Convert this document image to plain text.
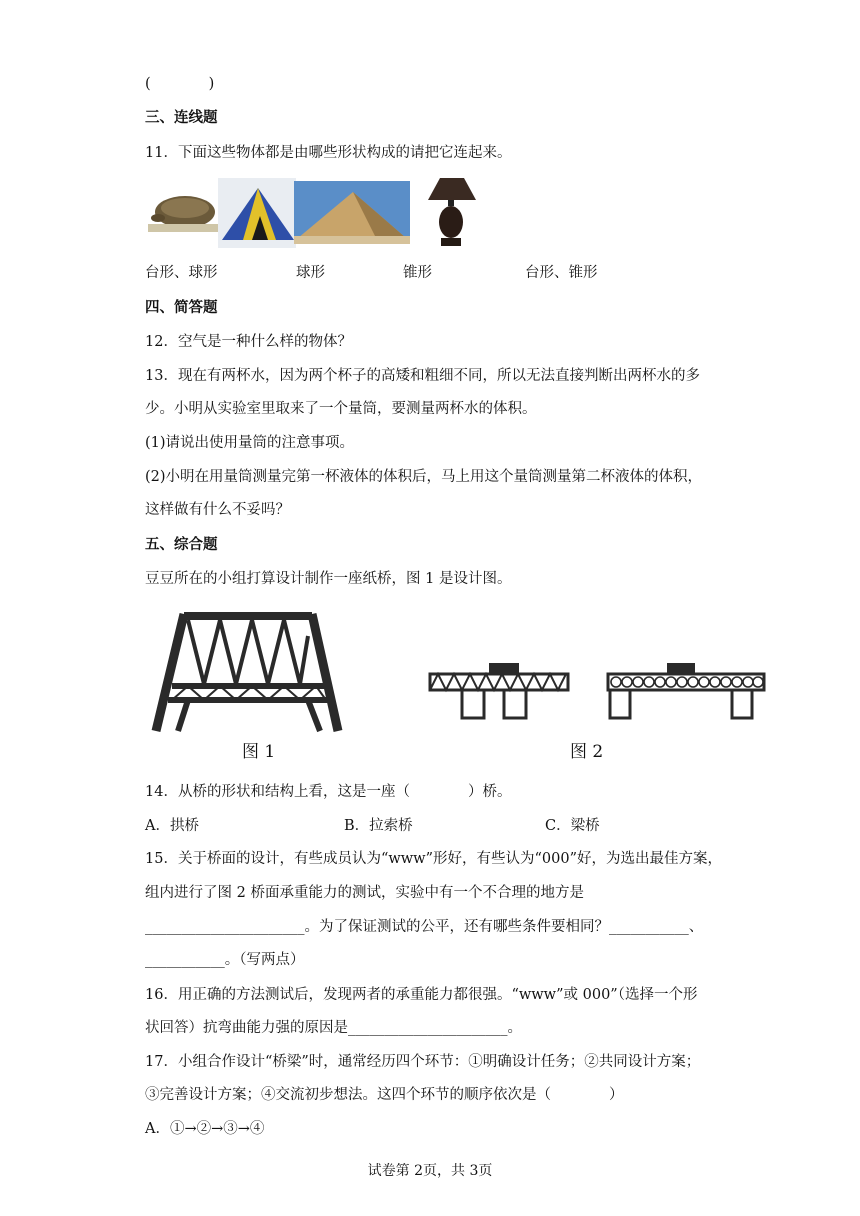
(　　　　)
三、连线题
11．下面这些物体都是由哪些形状构成的请把它连起来。
台形、球形	球形	锥形	台形、锥形
四、简答题
12．空气是一种什么样的物体？
13．现在有两杯水，因为两个杯子的高矮和粗细不同，所以无法直接判断出两杯水的多
少。小明从实验室里取来了一个量筒，要测量两杯水的体积。
(1)请说出使用量筒的注意事项。
(2)小明在用量筒测量完第一杯液体的体积后，马上用这个量筒测量第二杯液体的体积，
这样做有什么不妥吗？
五、综合题
豆豆所在的小组打算设计制作一座纸桥，图 1 是设计图。
图 1	图 2
14．从桥的形状和结构上看，这是一座（　　　　）桥。
A．拱桥	B．拉索桥	C．梁桥
15．关于桥面的设计，有些成员认为“www”形好，有些认为“000”好，为选出最佳方案，
组内进行了图 2 桥面承重能力的测试，实验中有一个不合理的地方是
______________________。为了保证测试的公平，还有哪些条件要相同？___________、
___________。（写两点）
16．用正确的方法测试后，发现两者的承重能力都很强。“www”或 000”（选择一个形
状回答）抗弯曲能力强的原因是______________________。
17．小组合作设计“桥梁”时，通常经历四个环节：①明确设计任务；②共同设计方案；
③完善设计方案；④交流初步想法。这四个环节的顺序依次是（　　　　）
A．①→②→③→④
试卷第 2页，共 3页
